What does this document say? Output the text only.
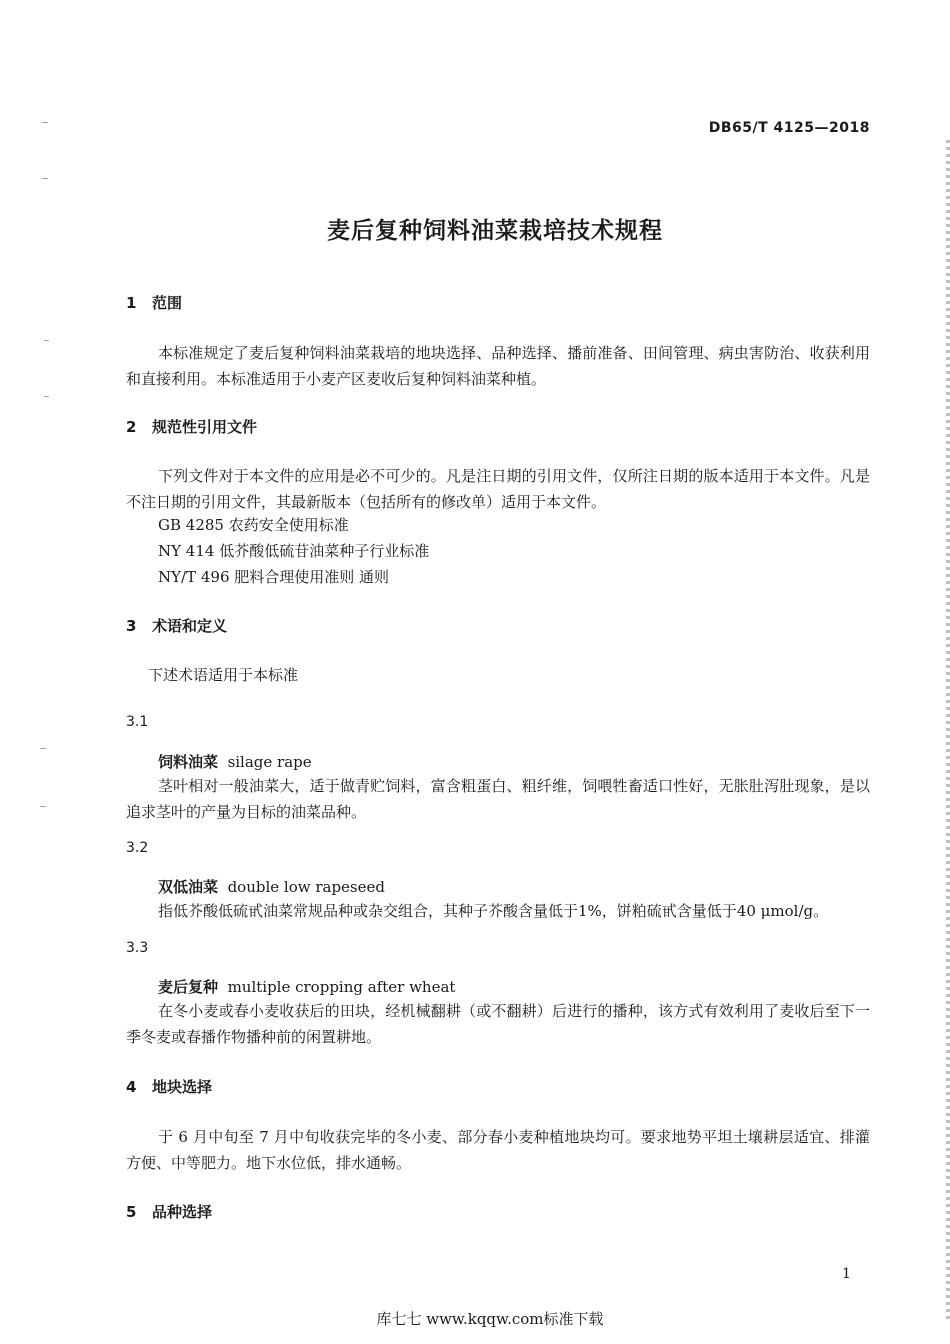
DB65/T 4125—2018
麦后复种饲料油菜栽培技术规程
1 范围
本标准规定了麦后复种饲料油菜栽培的地块选择、品种选择、播前准备、田间管理、病虫害防治、收获利用和直接利用。本标准适用于小麦产区麦收后复种饲料油菜种植。
2 规范性引用文件
下列文件对于本文件的应用是必不可少的。凡是注日期的引用文件，仅所注日期的版本适用于本文件。凡是不注日期的引用文件，其最新版本（包括所有的修改单）适用于本文件。
GB 4285 农药安全使用标准
NY 414 低芥酸低硫苷油菜种子行业标准
NY/T 496 肥料合理使用准则 通则
3 术语和定义
下述术语适用于本标准
3.1
饲料油菜 silage rape
茎叶相对一般油菜大，适于做青贮饲料，富含粗蛋白、粗纤维，饲喂牲畜适口性好，无胀肚泻肚现象，是以追求茎叶的产量为目标的油菜品种。
3.2
双低油菜 double low rapeseed
指低芥酸低硫甙油菜常规品种或杂交组合，其种子芥酸含量低于1%，饼粕硫甙含量低于40 μmol/g。
3.3
麦后复种 multiple cropping after wheat
在冬小麦或春小麦收获后的田块，经机械翻耕（或不翻耕）后进行的播种，该方式有效利用了麦收后至下一季冬麦或春播作物播种前的闲置耕地。
4 地块选择
于 6 月中旬至 7 月中旬收获完毕的冬小麦、部分春小麦种植地块均可。要求地势平坦土壤耕层适宜、排灌方便、中等肥力。地下水位低，排水通畅。
5 品种选择
1
库七七 www.kqqw.com标准下载
